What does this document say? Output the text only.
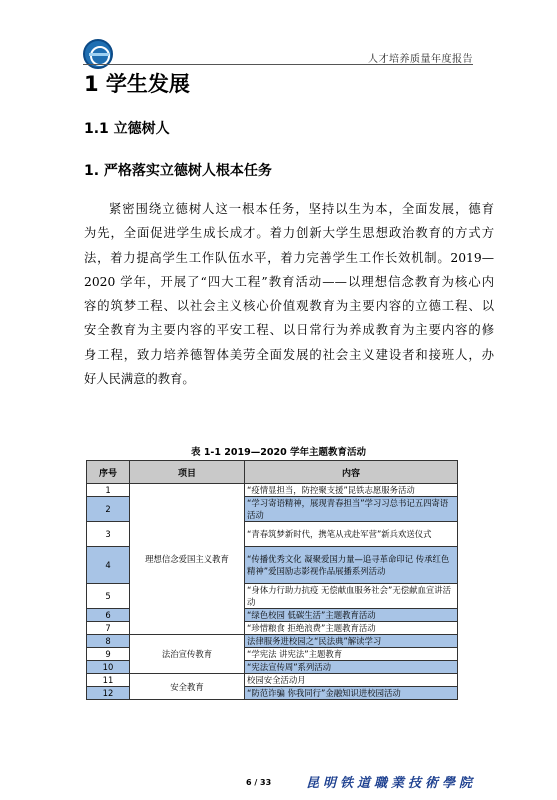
人才培养质量年度报告
1 学生发展
1.1 立德树人
1. 严格落实立德树人根本任务
紧密围绕立德树人这一根本任务，坚持以生为本，全面发展，德育
为先，全面促进学生成长成才。着力创新大学生思想政治教育的方式方
法，着力提高学生工作队伍水平，着力完善学生工作长效机制。2019—
2020 学年，开展了“四大工程”教育活动——以理想信念教育为核心内
容的筑梦工程、以社会主义核心价值观教育为主要内容的立德工程、以
安全教育为主要内容的平安工程、以日常行为养成教育为主要内容的修
身工程，致力培养德智体美劳全面发展的社会主义建设者和接班人，办
好人民满意的教育。
表 1-1 2019—2020 学年主题教育活动
序号	项目	内容
1	理想信念爱国主义教育	“疫情显担当，防控聚支援”昆铁志愿服务活动
2		“学习寄语精神，展现青春担当”学习习总书记五四寄语活动
3		“青春筑梦新时代，携笔从戎赴军营”新兵欢送仪式
4		“传播优秀文化 凝聚爱国力量—追寻革命印记 传承红色精神”爱国励志影视作品展播系列活动
5		“身体力行助力抗疫 无偿献血服务社会”无偿献血宣讲活动
6		“绿色校园 低碳生活”主题教育活动
7		“珍惜粮食 拒绝浪费”主题教育活动
8	法治宣传教育	法律服务进校园之“民法典”解读学习
9		“学宪法 讲宪法”主题教育
10		“宪法宣传周”系列活动
11	安全教育	校园安全活动月
12		“防范诈骗 你我同行”金融知识进校园活动
6 / 33	昆明铁道職業技術學院
